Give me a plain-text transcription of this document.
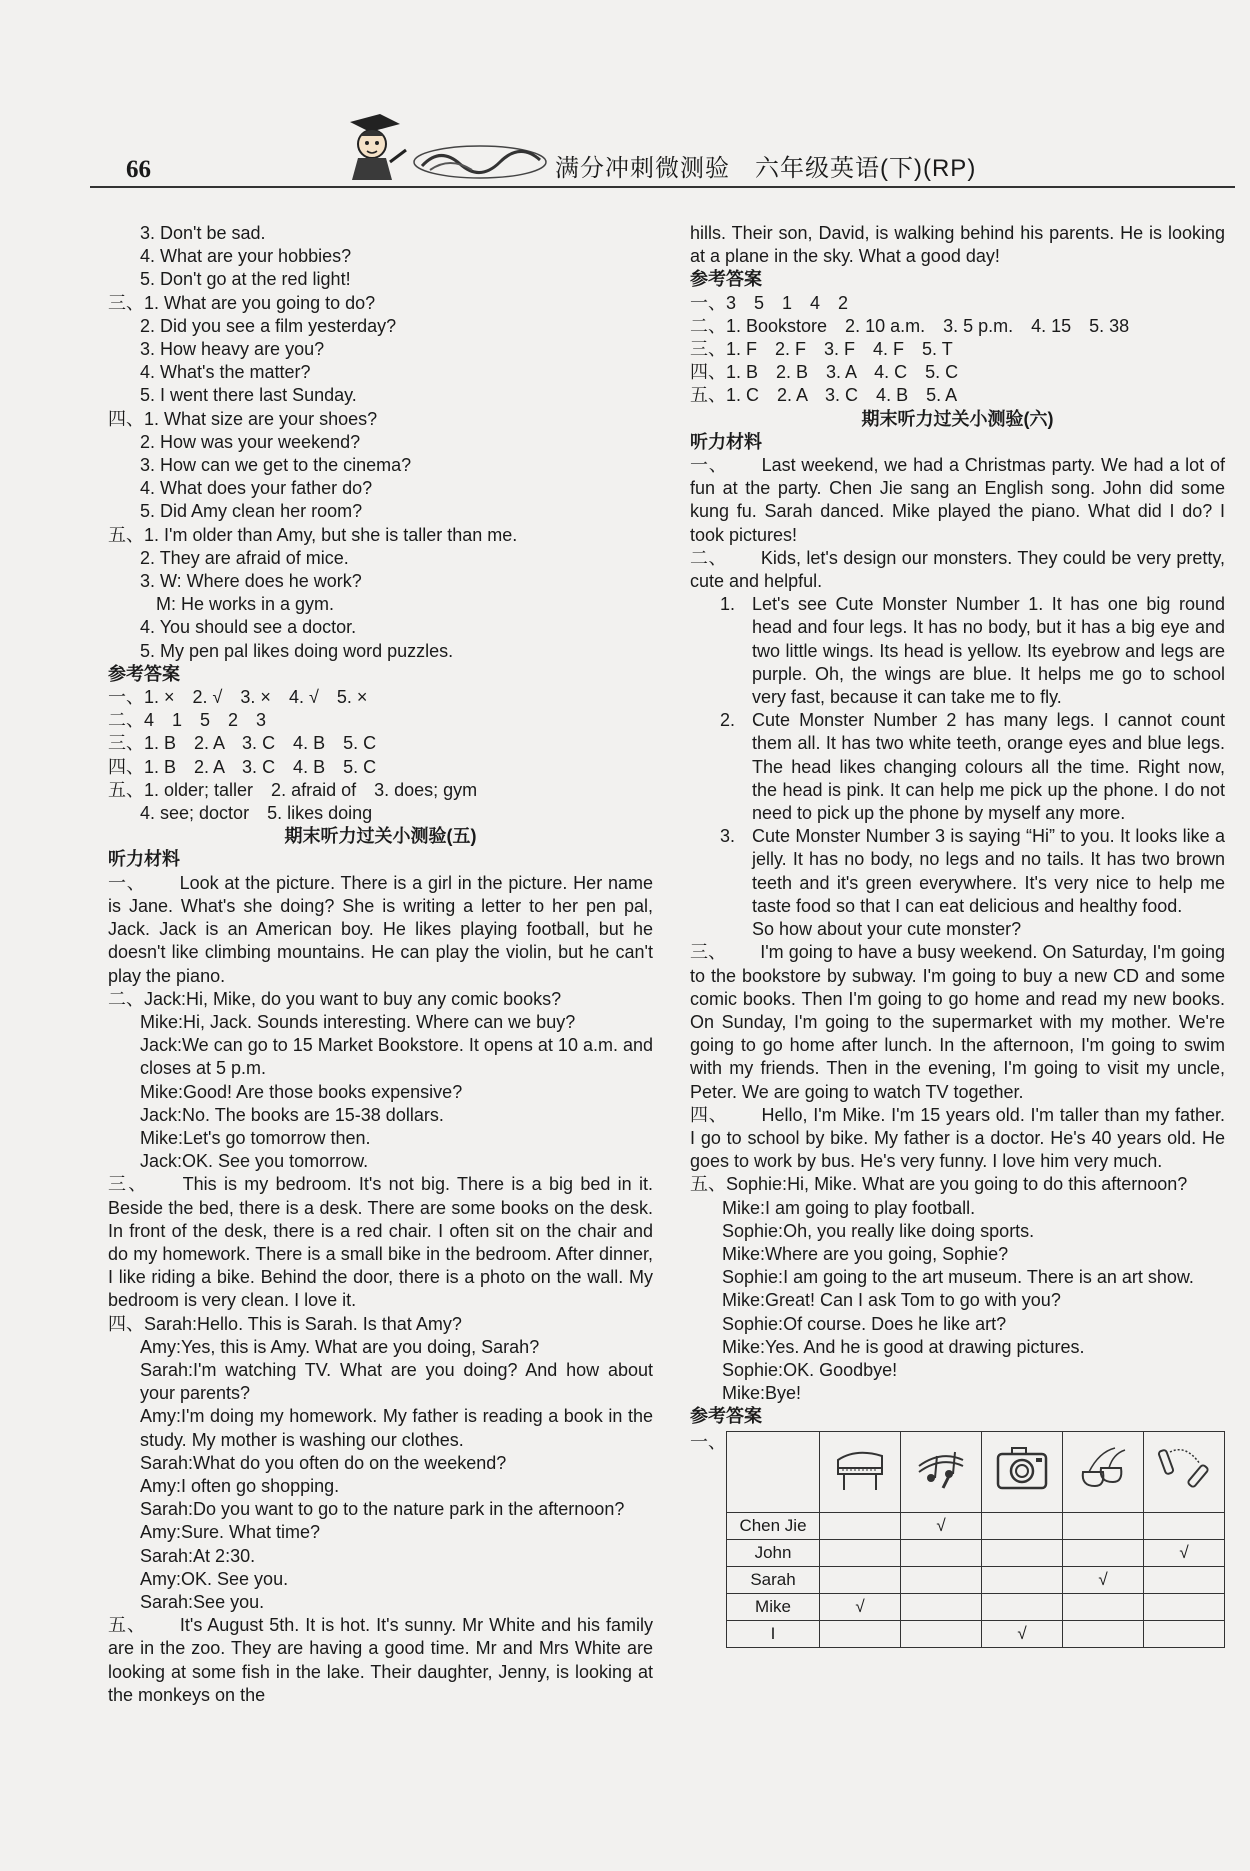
66	满分冲刺微测验　六年级英语(下)(RP)
3. Don't be sad.
4. What are your hobbies?
5. Don't go at the red light!
三、1. What are you going to do?
2. Did you see a film yesterday?
3. How heavy are you?
4. What's the matter?
5. I went there last Sunday.
四、1. What size are your shoes?
2. How was your weekend?
3. How can we get to the cinema?
4. What does your father do?
5. Did Amy clean her room?
五、1. I'm older than Amy, but she is taller than me.
2. They are afraid of mice.
3. W: Where does he work?
M: He works in a gym.
4. You should see a doctor.
5. My pen pal likes doing word puzzles.
参考答案
一、1. ×　2. √　3. ×　4. √　5. ×
二、4　1　5　2　3
三、1. B　2. A　3. C　4. B　5. C
四、1. B　2. A　3. C　4. B　5. C
五、1. older; taller　2. afraid of　3. does; gym
4. see; doctor　5. likes doing
期末听力过关小测验(五)
听力材料
一、 Look at the picture. There is a girl in the picture. Her name is Jane. What's she doing? She is writing a letter to her pen pal, Jack. Jack is an American boy. He likes playing football, but he doesn't like climbing mountains. He can play the violin, but he can't play the piano.
二、Jack:Hi, Mike, do you want to buy any comic books?
Mike:Hi, Jack. Sounds interesting. Where can we buy?
Jack:We can go to 15 Market Bookstore. It opens at 10 a.m. and closes at 5 p.m.
Mike:Good! Are those books expensive?
Jack:No. The books are 15-38 dollars.
Mike:Let's go tomorrow then.
Jack:OK. See you tomorrow.
三、 This is my bedroom. It's not big. There is a big bed in it. Beside the bed, there is a desk. There are some books on the desk. In front of the desk, there is a red chair. I often sit on the chair and do my homework. There is a small bike in the bedroom. After dinner, I like riding a bike. Behind the door, there is a photo on the wall. My bedroom is very clean. I love it.
四、Sarah:Hello. This is Sarah. Is that Amy?
Amy:Yes, this is Amy. What are you doing, Sarah?
Sarah:I'm watching TV. What are you doing? And how about your parents?
Amy:I'm doing my homework. My father is reading a book in the study. My mother is washing our clothes.
Sarah:What do you often do on the weekend?
Amy:I often go shopping.
Sarah:Do you want to go to the nature park in the afternoon?
Amy:Sure. What time?
Sarah:At 2:30.
Amy:OK. See you.
Sarah:See you.
五、 It's August 5th. It is hot. It's sunny. Mr White and his family are in the zoo. They are having a good time. Mr and Mrs White are looking at some fish in the lake. Their daughter, Jenny, is looking at the monkeys on the
hills. Their son, David, is walking behind his parents. He is looking at a plane in the sky. What a good day!
参考答案
一、3　5　1　4　2
二、1. Bookstore　2. 10 a.m.　3. 5 p.m.　4. 15　5. 38
三、1. F　2. F　3. F　4. F　5. T
四、1. B　2. B　3. A　4. C　5. C
五、1. C　2. A　3. C　4. B　5. A
期末听力过关小测验(六)
听力材料
一、 Last weekend, we had a Christmas party. We had a lot of fun at the party. Chen Jie sang an English song. John did some kung fu. Sarah danced. Mike played the piano. What did I do? I took pictures!
二、 Kids, let's design our monsters. They could be very pretty, cute and helpful.
1. Let's see Cute Monster Number 1. It has one big round head and four legs. It has no body, but it has a big eye and two little wings. Its head is yellow. Its eyebrow and legs are purple. Oh, the wings are blue. It helps me go to school very fast, because it can take me to fly.
2. Cute Monster Number 2 has many legs. I cannot count them all. It has two white teeth, orange eyes and blue legs. The head likes changing colours all the time. Right now, the head is pink. It can help me pick up the phone. I do not need to pick up the phone by myself any more.
3. Cute Monster Number 3 is saying “Hi” to you. It looks like a jelly. It has no body, no legs and no tails. It has two brown teeth and it's green everywhere. It's very nice to help me taste food so that I can eat delicious and healthy food.
So how about your cute monster?
三、 I'm going to have a busy weekend. On Saturday, I'm going to the bookstore by subway. I'm going to buy a new CD and some comic books. Then I'm going to go home and read my new books. On Sunday, I'm going to the supermarket with my mother. We're going to go home after lunch. In the afternoon, I'm going to swim with my friends. Then in the evening, I'm going to visit my uncle, Peter. We are going to watch TV together.
四、 Hello, I'm Mike. I'm 15 years old. I'm taller than my father. I go to school by bike. My father is a doctor. He's 40 years old. He goes to work by bus. He's very funny. I love him very much.
五、Sophie:Hi, Mike. What are you going to do this afternoon?
Mike:I am going to play football.
Sophie:Oh, you really like doing sports.
Mike:Where are you going, Sophie?
Sophie:I am going to the art museum. There is an art show.
Mike:Great! Can I ask Tom to go with you?
Sophie:Of course. Does he like art?
Mike:Yes. And he is good at drawing pictures.
Sophie:OK. Goodbye!
Mike:Bye!
参考答案
一、

Chen Jie		√			
John					√
Sarah				√	
Mike	√				
I			√		
